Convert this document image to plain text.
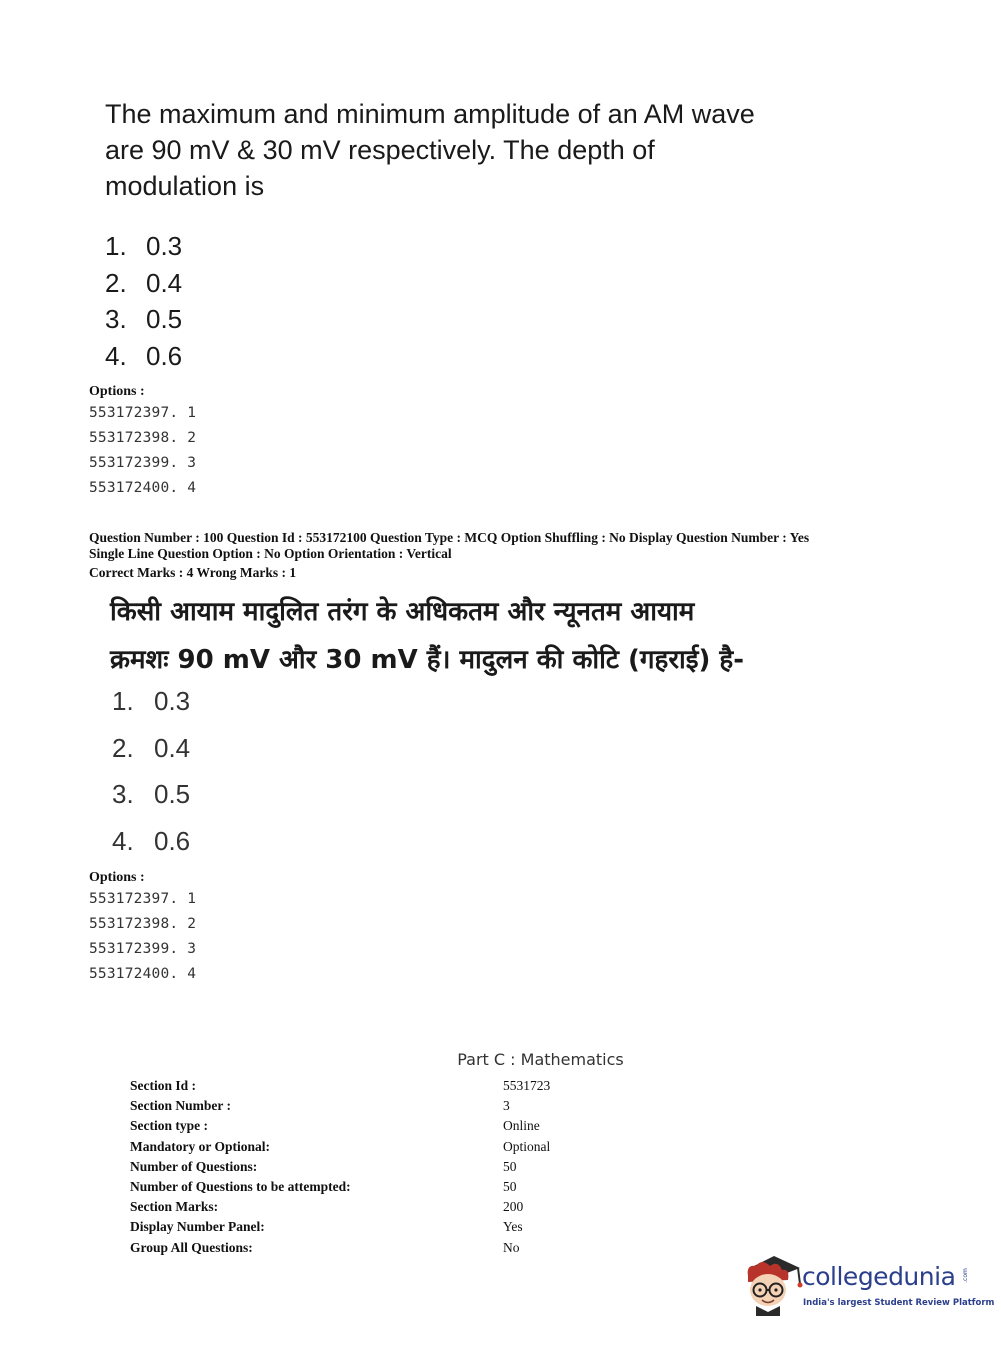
The maximum and minimum amplitude of an AM wave
are 90 mV & 30 mV respectively. The depth of
modulation is
1. 0.3
2. 0.4
3. 0.5
4. 0.6
Options :
553172397. 1
553172398. 2
553172399. 3
553172400. 4
Question Number : 100 Question Id : 553172100 Question Type : MCQ Option Shuffling : No Display Question Number : Yes
Single Line Question Option : No Option Orientation : Vertical
Correct Marks : 4 Wrong Marks : 1
किसी आयाम मादुलित तरंग के अधिकतम और न्यूनतम आयाम
क्रमशः 90 mV और 30 mV हैं। मादुलन की कोटि (गहराई) है-
1. 0.3
2. 0.4
3. 0.5
4. 0.6
Options :
553172397. 1
553172398. 2
553172399. 3
553172400. 4
Part C : Mathematics
Section Id :	5531723
Section Number :	3
Section type :	Online
Mandatory or Optional:	Optional
Number of Questions:	50
Number of Questions to be attempted:	50
Section Marks:	200
Display Number Panel:	Yes
Group All Questions:	No
collegedunia .com
India's largest Student Review Platform
